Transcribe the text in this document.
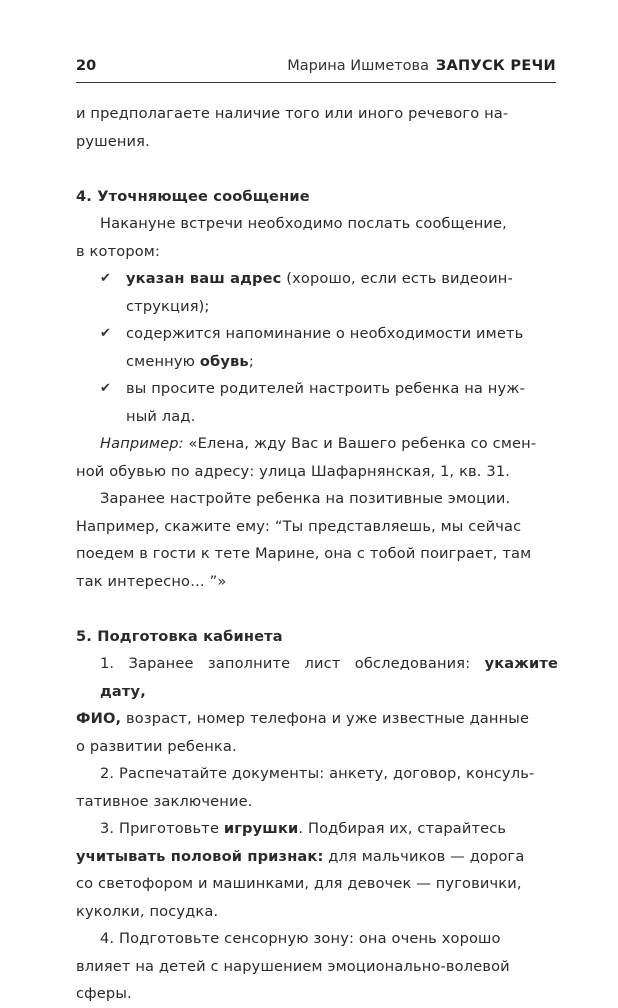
20	Марина Ишметова ЗАПУСК РЕЧИ

и предполагаете наличие того или иного речевого на-

рушения.

4. Уточняющее сообщение

Накануне встречи необходимо послать сообщение,

в котором:

✔ указан ваш адрес (хорошо, если есть видеоин-

струкция);

✔ содержится напоминание о необходимости иметь

сменную обувь;

✔ вы просите родителей настроить ребенка на нуж-

ный лад.

Например: «Елена, жду Вас и Вашего ребенка со смен-

ной обувью по адресу: улица Шафарнянская, 1, кв. 31.

Заранее настройте ребенка на позитивные эмоции.

Например, скажите ему: “Ты представляешь, мы сейчас

поедем в гости к тете Марине, она с тобой поиграет, там

так интересно… ”»

5. Подготовка кабинета

1. Заранее заполните лист обследования: укажите дату,

ФИО, возраст, номер телефона и уже известные данные

о развитии ребенка.

2. Распечатайте документы: анкету, договор, консуль-

тативное заключение.

3. Приготовьте игрушки. Подбирая их, старайтесь

учитывать половой признак: для мальчиков — дорога

со светофором и машинками, для девочек — пуговички,

куколки, посудка.

4. Подготовьте сенсорную зону: она очень хорошо

влияет на детей с нарушением эмоционально-волевой

сферы.
